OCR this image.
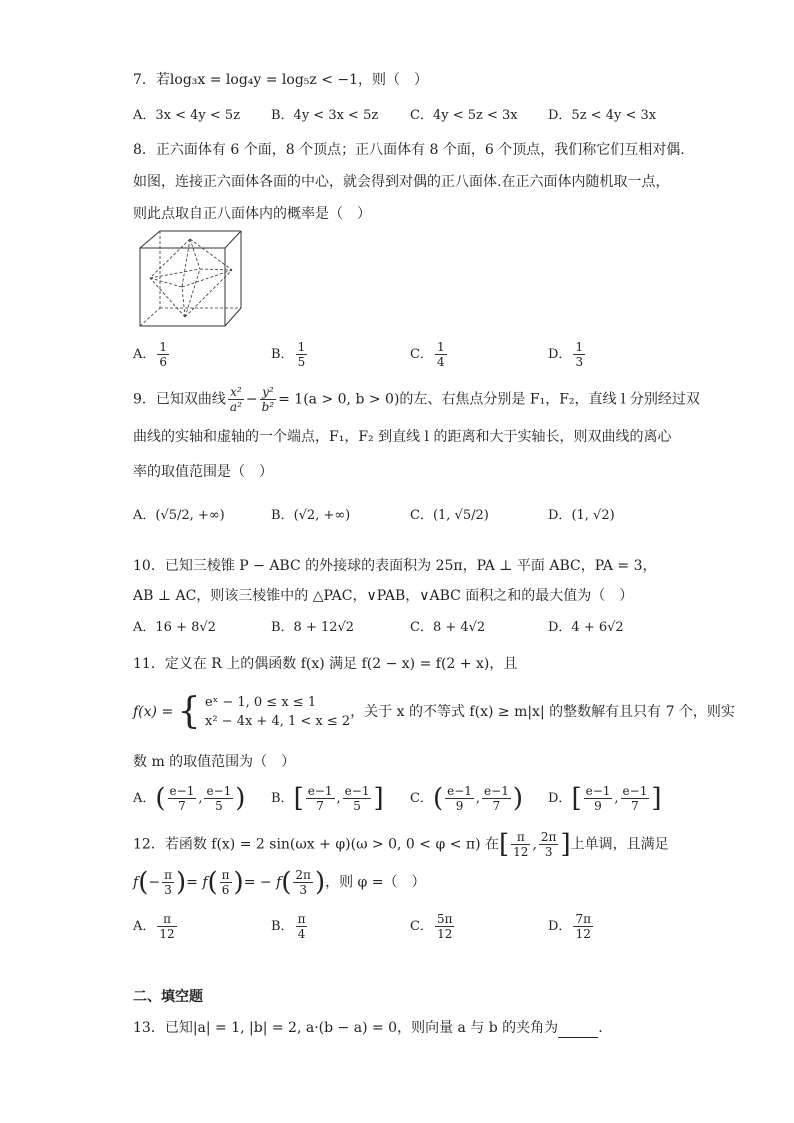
7．若log₃x = log₄y = log₅z < −1，则（　）
A．3x < 4y < 5z B．4y < 3x < 5z C．4y < 5z < 3x D．5z < 4y < 3x
8．正六面体有 6 个面，8 个顶点；正八面体有 8 个面，6 个顶点，我们称它们互相对偶.
如图，连接正六面体各面的中心，就会得到对偶的正八面体.在正六面体内随机取一点，
则此点取自正八面体内的概率是（　）
A． $\frac{1}{6}$	B． $\frac{1}{5}$	C． $\frac{1}{4}$	D． $\frac{1}{3}$
9．已知双曲线 $\frac{\text{x²}}{\text{a²}} - \frac{\text{y²}}{\text{b²}} = 1(a > 0$, b > 0)的左、右焦点分别是 F₁，F₂，直线 l 分别经过双
曲线的实轴和虚轴的一个端点，F₁，F₂ 到直线 l 的距离和大于实轴长，则双曲线的离心
率的取值范围是（　）
A．(√5/2, +∞)	B．(√2, +∞)	C．(1, √5/2)	D．(1, √2)
10．已知三棱锥 P − ABC 的外接球的表面积为 25π，PA ⊥ 平面 ABC，PA = 3，
AB ⊥ AC，则该三棱锥中的 △PAC，∨PAB，∨ABC 面积之和的最大值为（　）
A．16 + 8√2	B．8 + 12√2	C．8 + 4√2	D．4 + 6√2
11．定义在 R 上的偶函数 f(x) 满足 f(2 − x) = f(2 + x)，且
f(x) = { eˣ − 1, 0 ≤ x ≤ 1
x² − 4x + 4, 1 < x ≤ 2
，关于 x 的不等式 f(x) ≥ m|x| 的整数解有且只有 7 个，则实
数 m 的取值范围为（　）
A．( $\frac{e-1}{7}$ , $\frac{e-1}{5}$ ) B．[ $\frac{e-1}{7}$ , $\frac{e-1}{5}$ ] C．( $\frac{e-1}{9}$ , $\frac{e-1}{7}$ ) D．[ $\frac{e-1}{9}$ , $\frac{e-1}{7}$ ]
12．若函数 f(x) = 2 sin(ωx + φ)(ω > 0, 0 < φ < π) 在[ $\frac{\pi}{12}$ , $\frac{2\pi}{3}$ ]上单调，且满足
$f(- \frac{\pi}{3}$ )= $f( \frac{\pi}{6}$ )= − $f( \frac{2\pi}{3}$ )，则 φ =（　）
A． $\frac{\pi}{12}$	B． $\frac{\pi}{4}$	C． $\frac{5\pi}{12}$	D． $\frac{7\pi}{12}$
二、填空题
13．已知|a| = 1, |b| = 2, a·(b − a) = 0，则向量 a 与 b 的夹角为	.
